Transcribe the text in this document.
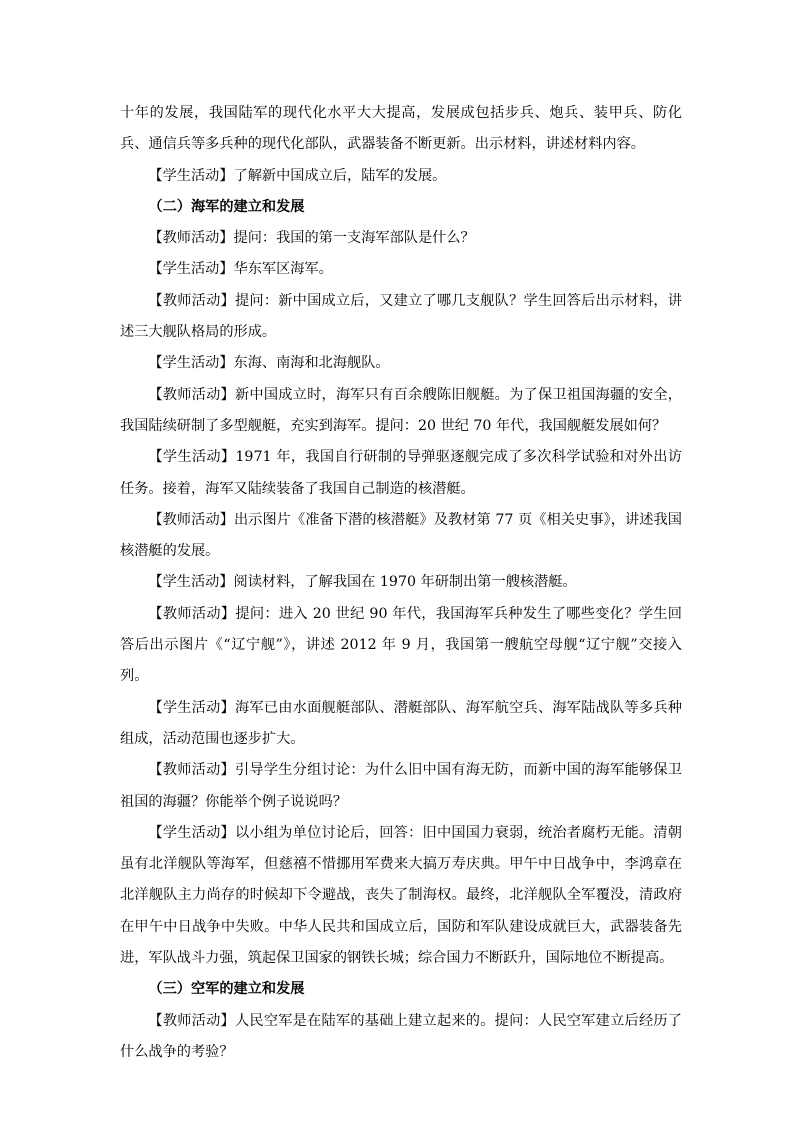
十年的发展，我国陆军的现代化水平大大提高，发展成包括步兵、炮兵、装甲兵、防化兵、通信兵等多兵种的现代化部队，武器装备不断更新。出示材料，讲述材料内容。

【学生活动】了解新中国成立后，陆军的发展。

（二）海军的建立和发展

【教师活动】提问：我国的第一支海军部队是什么？

【学生活动】华东军区海军。

【教师活动】提问：新中国成立后，又建立了哪几支舰队？学生回答后出示材料，讲述三大舰队格局的形成。

【学生活动】东海、南海和北海舰队。

【教师活动】新中国成立时，海军只有百余艘陈旧舰艇。为了保卫祖国海疆的安全，我国陆续研制了多型舰艇，充实到海军。提问：20 世纪 70 年代，我国舰艇发展如何？

【学生活动】1971 年，我国自行研制的导弹驱逐舰完成了多次科学试验和对外出访任务。接着，海军又陆续装备了我国自己制造的核潜艇。

【教师活动】出示图片《准备下潜的核潜艇》及教材第 77 页《相关史事》，讲述我国核潜艇的发展。

【学生活动】阅读材料，了解我国在 1970 年研制出第一艘核潜艇。

【教师活动】提问：进入 20 世纪 90 年代，我国海军兵种发生了哪些变化？学生回答后出示图片《“辽宁舰”》，讲述 2012 年 9 月，我国第一艘航空母舰“辽宁舰”交接入列。

【学生活动】海军已由水面舰艇部队、潜艇部队、海军航空兵、海军陆战队等多兵种组成，活动范围也逐步扩大。

【教师活动】引导学生分组讨论：为什么旧中国有海无防，而新中国的海军能够保卫祖国的海疆？你能举个例子说说吗？

【学生活动】以小组为单位讨论后，回答：旧中国国力衰弱，统治者腐朽无能。清朝虽有北洋舰队等海军，但慈禧不惜挪用军费来大搞万寿庆典。甲午中日战争中，李鸿章在北洋舰队主力尚存的时候却下令避战，丧失了制海权。最终，北洋舰队全军覆没，清政府在甲午中日战争中失败。中华人民共和国成立后，国防和军队建设成就巨大，武器装备先进，军队战斗力强，筑起保卫国家的钢铁长城；综合国力不断跃升，国际地位不断提高。

（三）空军的建立和发展

【教师活动】人民空军是在陆军的基础上建立起来的。提问：人民空军建立后经历了什么战争的考验？
